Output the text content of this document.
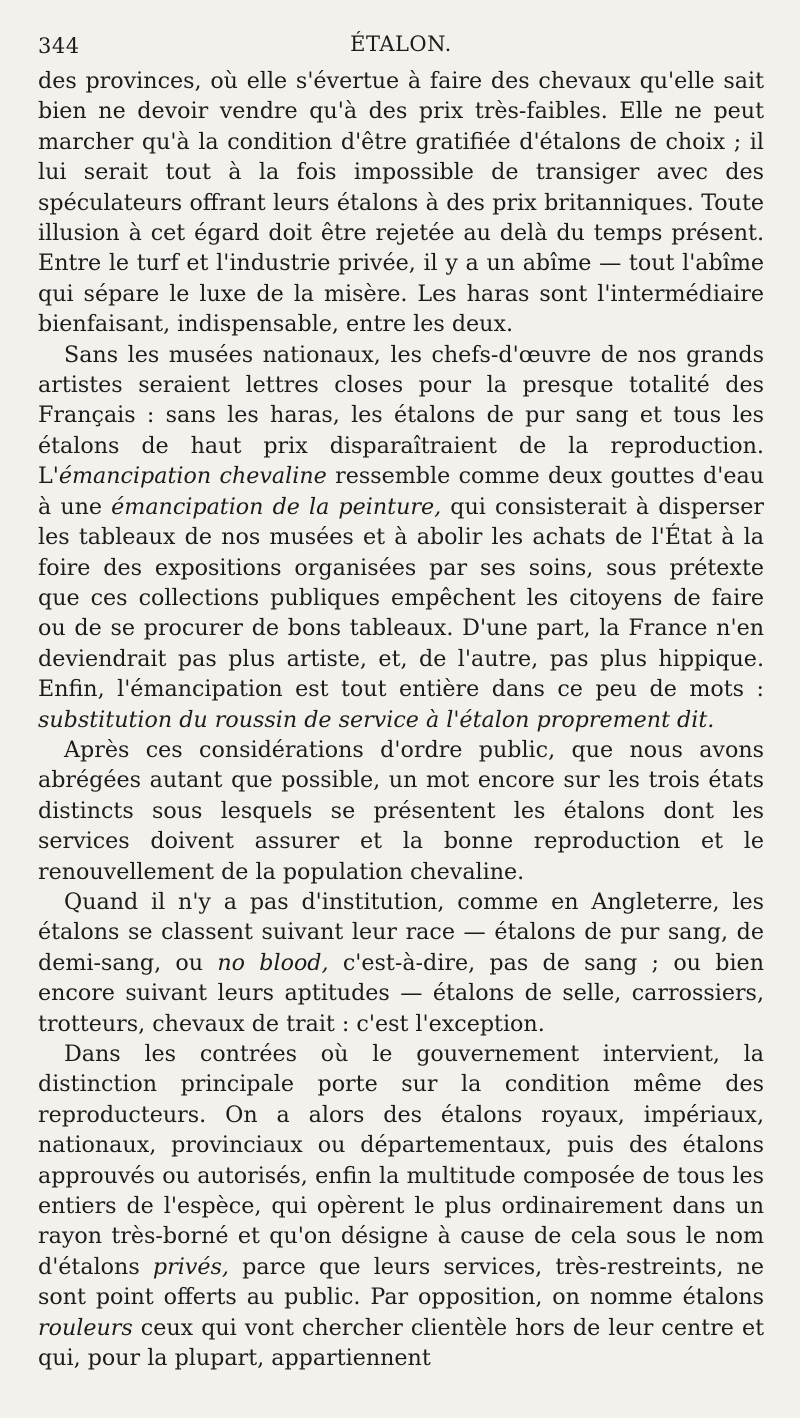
344	ÉTALON.

des provinces, où elle s'évertue à faire des chevaux qu'elle sait bien ne devoir vendre qu'à des prix très-faibles. Elle ne peut marcher qu'à la condition d'être gratifiée d'étalons de choix ; il lui serait tout à la fois impossible de transiger avec des spéculateurs offrant leurs étalons à des prix britanniques. Toute illusion à cet égard doit être rejetée au delà du temps présent. Entre le turf et l'industrie privée, il y a un abîme — tout l'abîme qui sépare le luxe de la misère. Les haras sont l'intermédiaire bienfaisant, indispensable, entre les deux.

Sans les musées nationaux, les chefs-d'œuvre de nos grands artistes seraient lettres closes pour la presque totalité des Français : sans les haras, les étalons de pur sang et tous les étalons de haut prix disparaîtraient de la reproduction. L'émancipation chevaline ressemble comme deux gouttes d'eau à une émancipation de la peinture, qui consisterait à disperser les tableaux de nos musées et à abolir les achats de l'État à la foire des expositions organisées par ses soins, sous prétexte que ces collections publiques empêchent les citoyens de faire ou de se procurer de bons tableaux. D'une part, la France n'en deviendrait pas plus artiste, et, de l'autre, pas plus hippique. Enfin, l'émancipation est tout entière dans ce peu de mots : substitution du roussin de service à l'étalon proprement dit.

Après ces considérations d'ordre public, que nous avons abrégées autant que possible, un mot encore sur les trois états distincts sous lesquels se présentent les étalons dont les services doivent assurer et la bonne reproduction et le renouvellement de la population chevaline.

Quand il n'y a pas d'institution, comme en Angleterre, les étalons se classent suivant leur race — étalons de pur sang, de demi-sang, ou no blood, c'est-à-dire, pas de sang ; ou bien encore suivant leurs aptitudes — étalons de selle, carrossiers, trotteurs, chevaux de trait : c'est l'exception.

Dans les contrées où le gouvernement intervient, la distinction principale porte sur la condition même des reproducteurs. On a alors des étalons royaux, impériaux, nationaux, provinciaux ou départementaux, puis des étalons approuvés ou autorisés, enfin la multitude composée de tous les entiers de l'espèce, qui opèrent le plus ordinairement dans un rayon très-borné et qu'on désigne à cause de cela sous le nom d'étalons privés, parce que leurs services, très-restreints, ne sont point offerts au public. Par opposition, on nomme étalons rouleurs ceux qui vont chercher clientèle hors de leur centre et qui, pour la plupart, appartiennent
